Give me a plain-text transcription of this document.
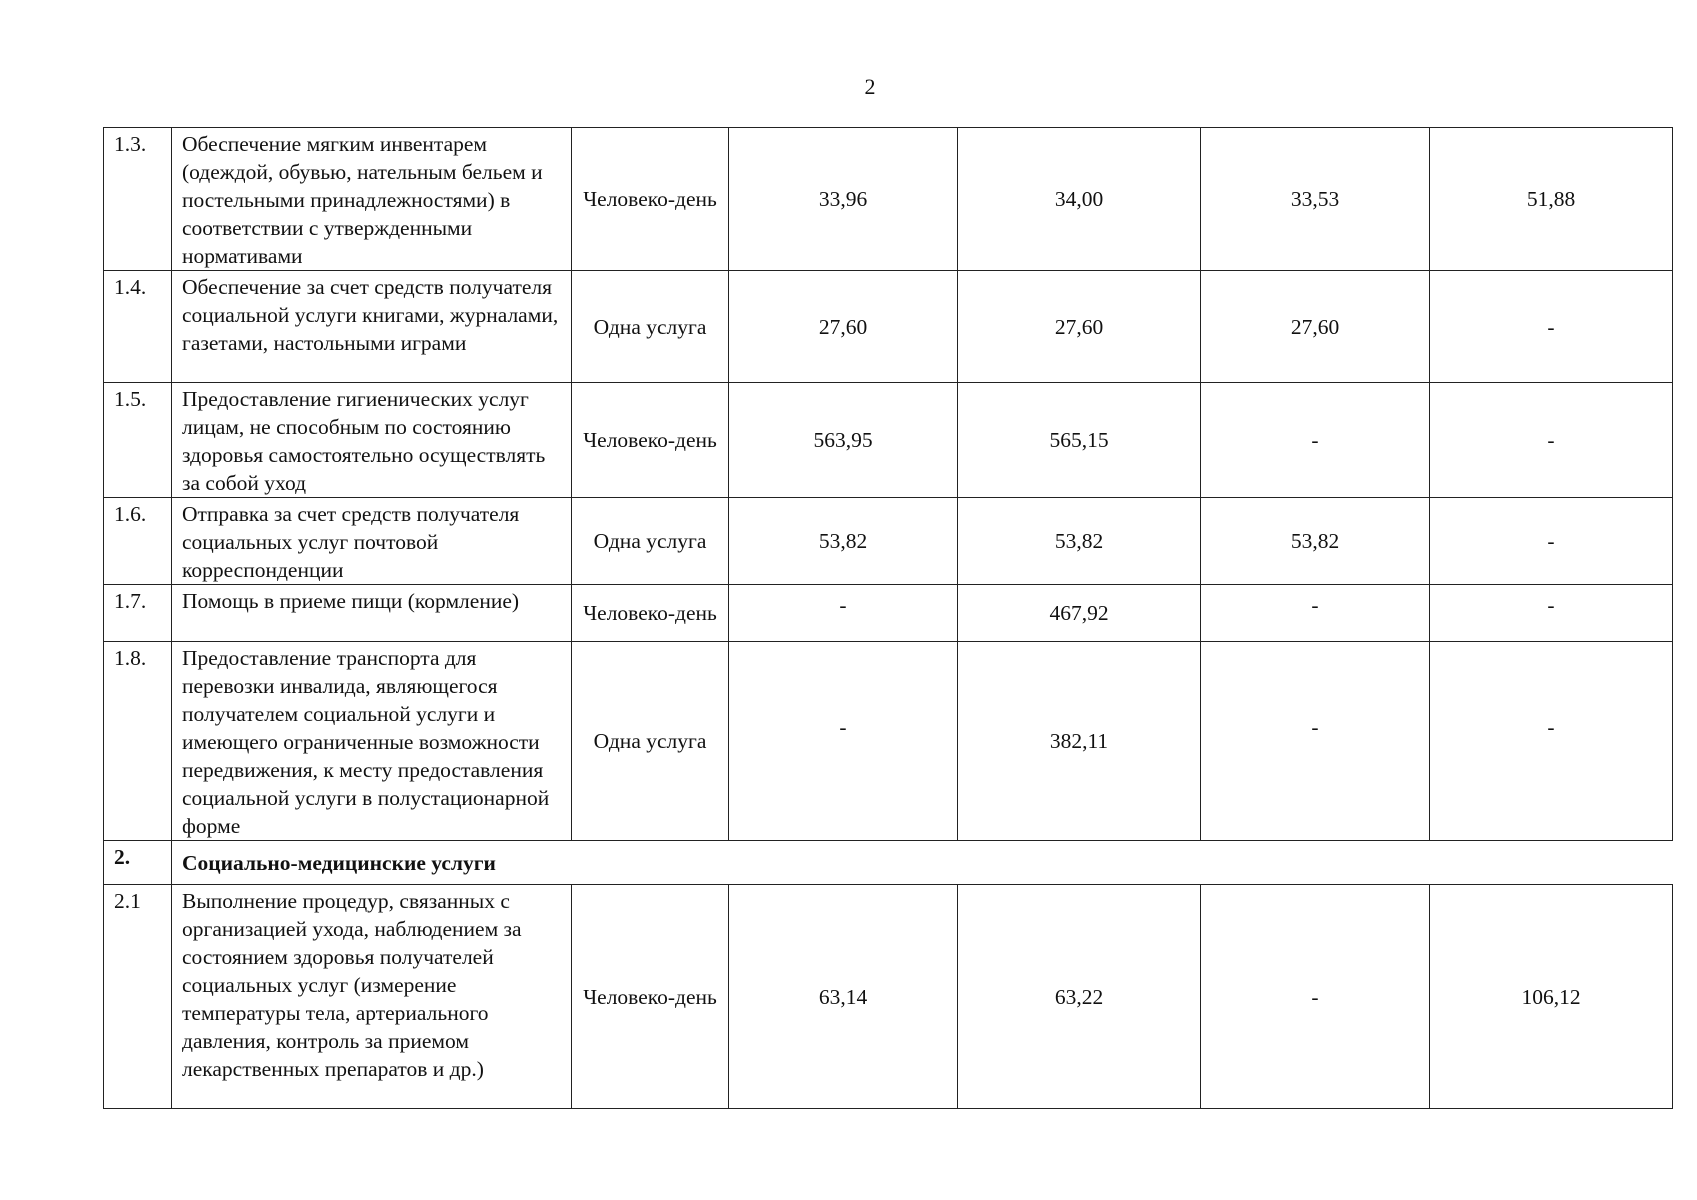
2
1.3.	Обеспечение мягким инвентарем (одеждой, обувью, нательным бельем и постельными принадлежностями) в соответствии с утвержденными нормативами	Человеко-день	33,96	34,00	33,53	51,88
1.4.	Обеспечение за счет средств получателя социальной услуги книгами, журналами, газетами, настольными играми	Одна услуга	27,60	27,60	27,60	-
1.5.	Предоставление гигиенических услуг лицам, не способным по состоянию здоровья самостоятельно осуществлять за собой уход	Человеко-день	563,95	565,15	-	-
1.6.	Отправка за счет средств получателя социальных услуг почтовой корреспонденции	Одна услуга	53,82	53,82	53,82	-
1.7.	Помощь в приеме пищи (кормление)	Человеко-день	-	467,92	-	-
1.8.	Предоставление транспорта для перевозки инвалида, являющегося получателем социальной услуги и имеющего ограниченные возможности передвижения, к месту предоставления социальной услуги в полустационарной форме	Одна услуга	-	382,11	-	-
2.	Социально-медицинские услуги					
2.1	Выполнение процедур, связанных с организацией ухода, наблюдением за состоянием здоровья получателей социальных услуг (измерение температуры тела, артериального давления, контроль за приемом лекарственных препаратов и др.)	Человеко-день	63,14	63,22	-	106,12
